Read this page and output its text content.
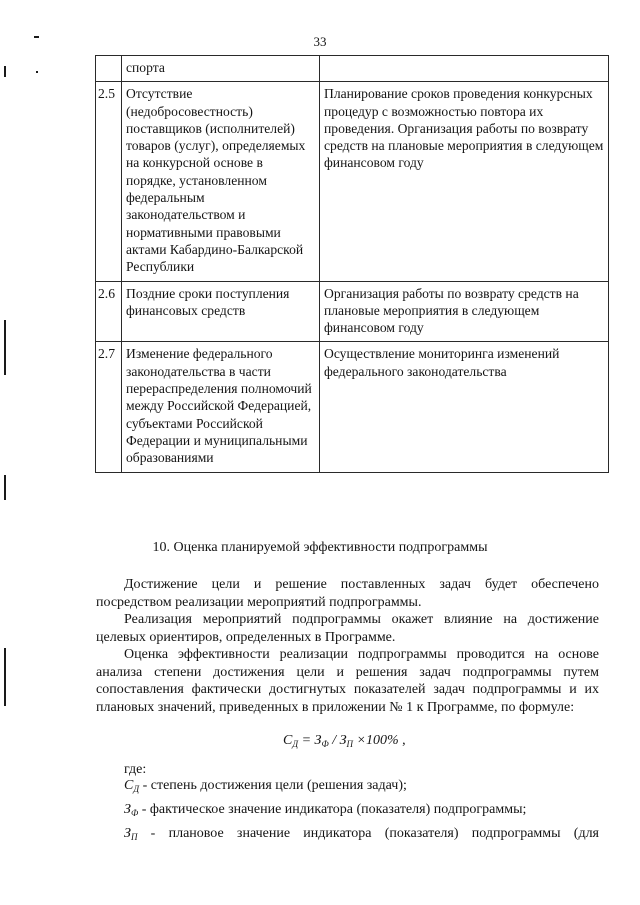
33
	спорта	
2.5	Отсутствие (недобросовестность) поставщиков (исполнителей) товаров (услуг), определяемых на конкурсной основе в порядке, установленном федеральным законодательством и нормативными правовыми актами Кабардино-Балкарской Республики	Планирование сроков проведения конкурсных процедур с возможностью повтора их проведения. Организация работы по возврату средств на плановые мероприятия в следующем финансовом году
2.6	Поздние сроки поступления финансовых средств	Организация работы по возврату средств на плановые мероприятия в следующем финансовом году
2.7	Изменение федерального законодательства в части перераспределения полномочий между Российской Федерацией, субъектами Российской Федерации и муниципальными образованиями	Осуществление мониторинга изменений федерального законодательства
10. Оценка планируемой эффективности подпрограммы

Достижение цели и решение поставленных задач будет обеспечено посредством реализации мероприятий подпрограммы.

Реализация мероприятий подпрограммы окажет влияние на достижение целевых ориентиров, определенных в Программе.

Оценка эффективности реализации подпрограммы проводится на основе анализа степени достижения цели и решения задач подпрограммы путем сопоставления фактически достигнутых показателей задач подпрограммы и их плановых значений, приведенных в приложении № 1 к Программе, по формуле:

$С_Д = З_Ф / З_П \times 100\%$ ,
где:
$С_Д$ - степень достижения цели (решения задач);
$З_Ф$ - фактическое значение индикатора (показателя) подпрограммы;
$З_П$ - плановое значение индикатора (показателя) подпрограммы (для
